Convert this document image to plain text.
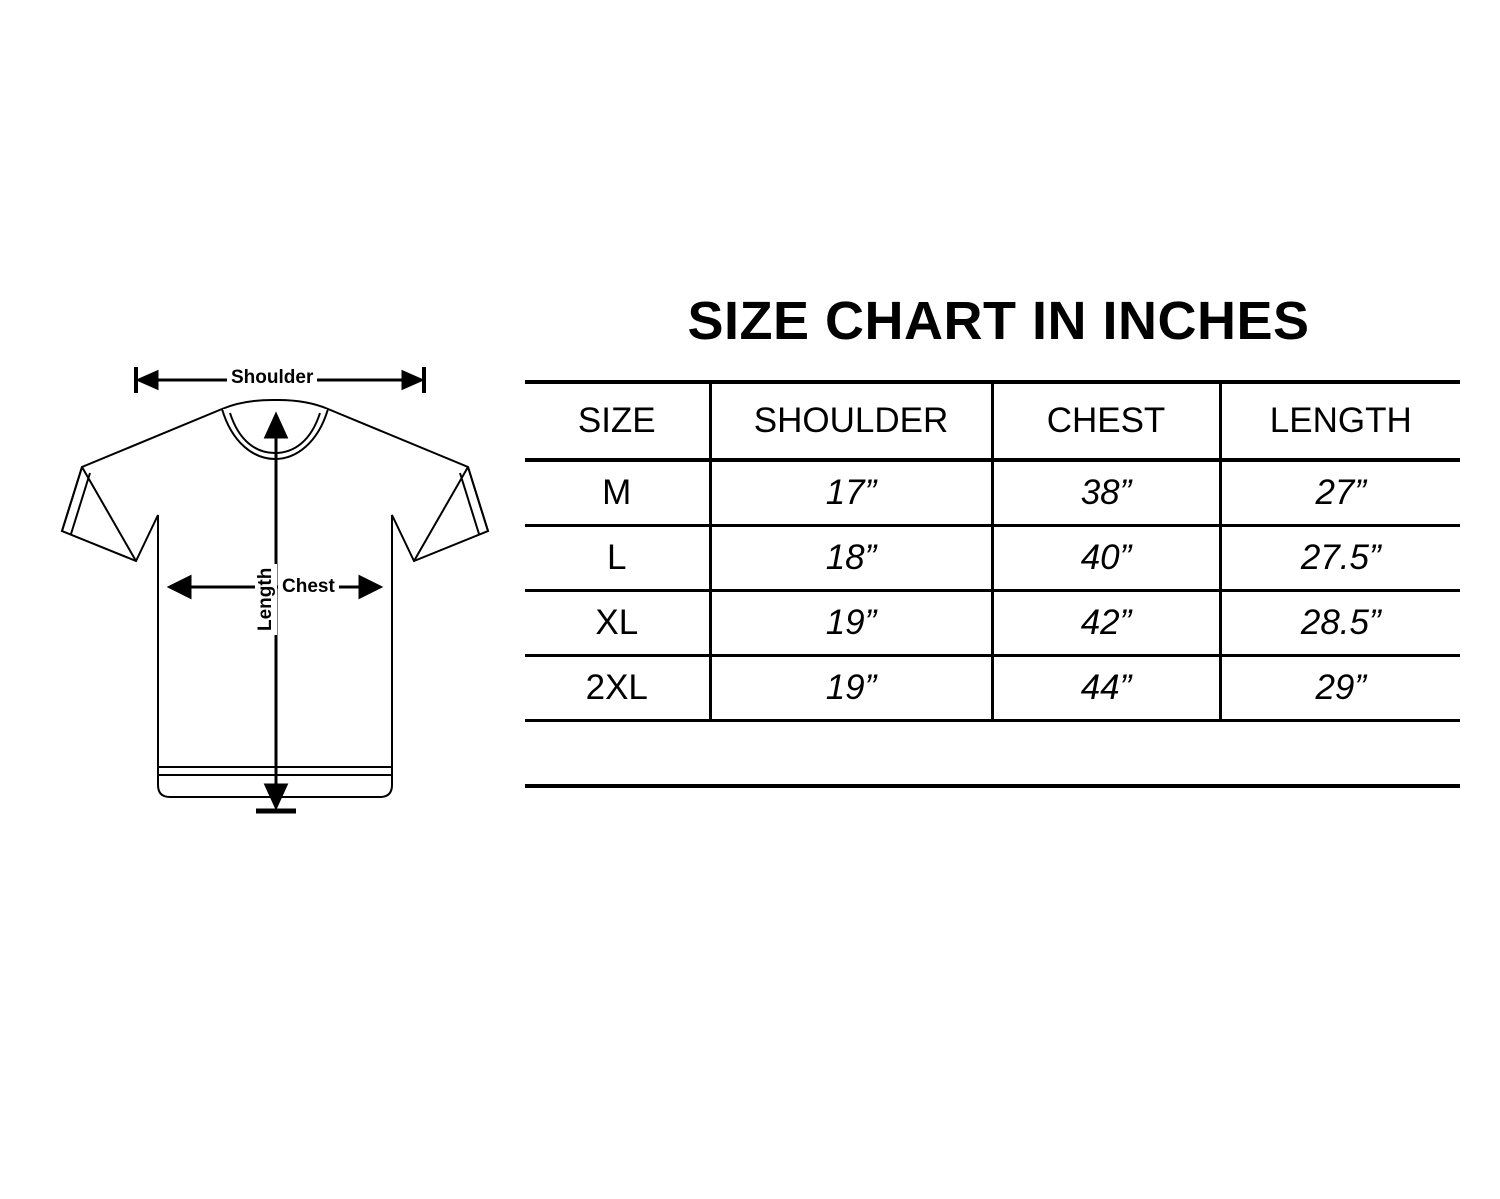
Shoulder
Chest
Length
SIZE CHART IN INCHES
SIZE	SHOULDER	CHEST	LENGTH
M	17”	38”	27”
L	18”	40”	27.5”
XL	19”	42”	28.5”
2XL	19”	44”	29”
